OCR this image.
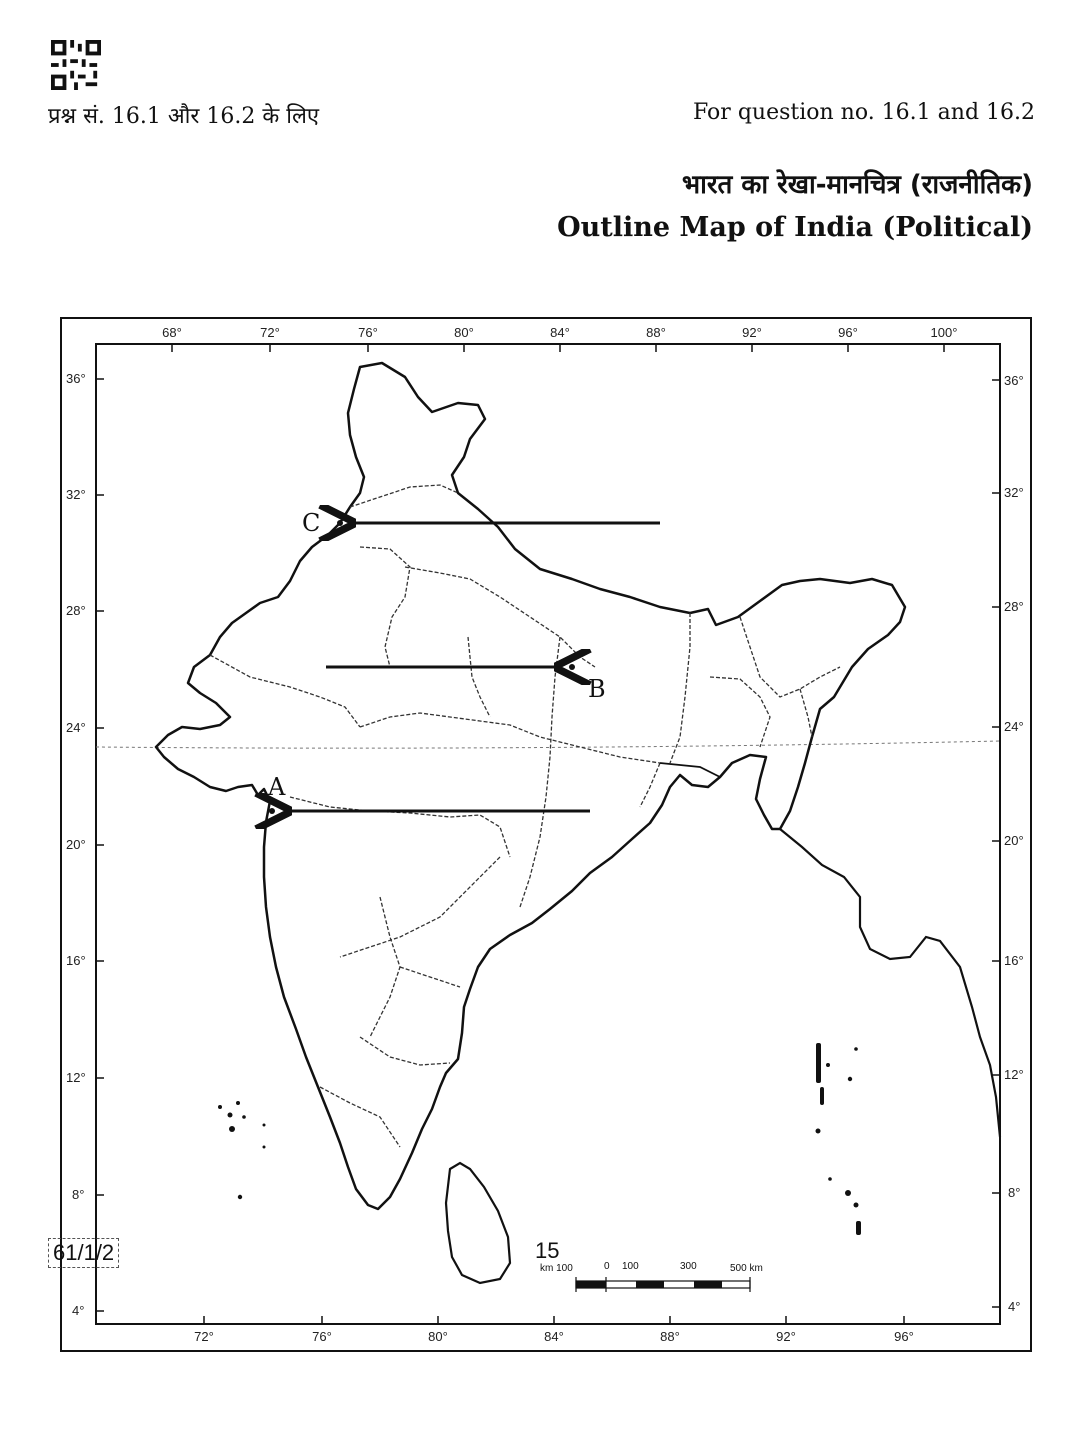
प्रश्न सं. 16.1 और 16.2 के लिए	For question no. 16.1 and 16.2
भारत का रेखा-मानचित्र (राजनीतिक)
Outline Map of India (Political)
68°	72°	76°	80°	84°	88°	92°	96°	100°
72°	76°	80°	84°	88°	92°	96°
36°
32°
28°
24°
20°
16°
12°
8°
4°
36°
32°
28°
24°
20°
16°
12°
8°
4°
C
B
A
km 100	0 100	300	500 km
61/1/2	15
